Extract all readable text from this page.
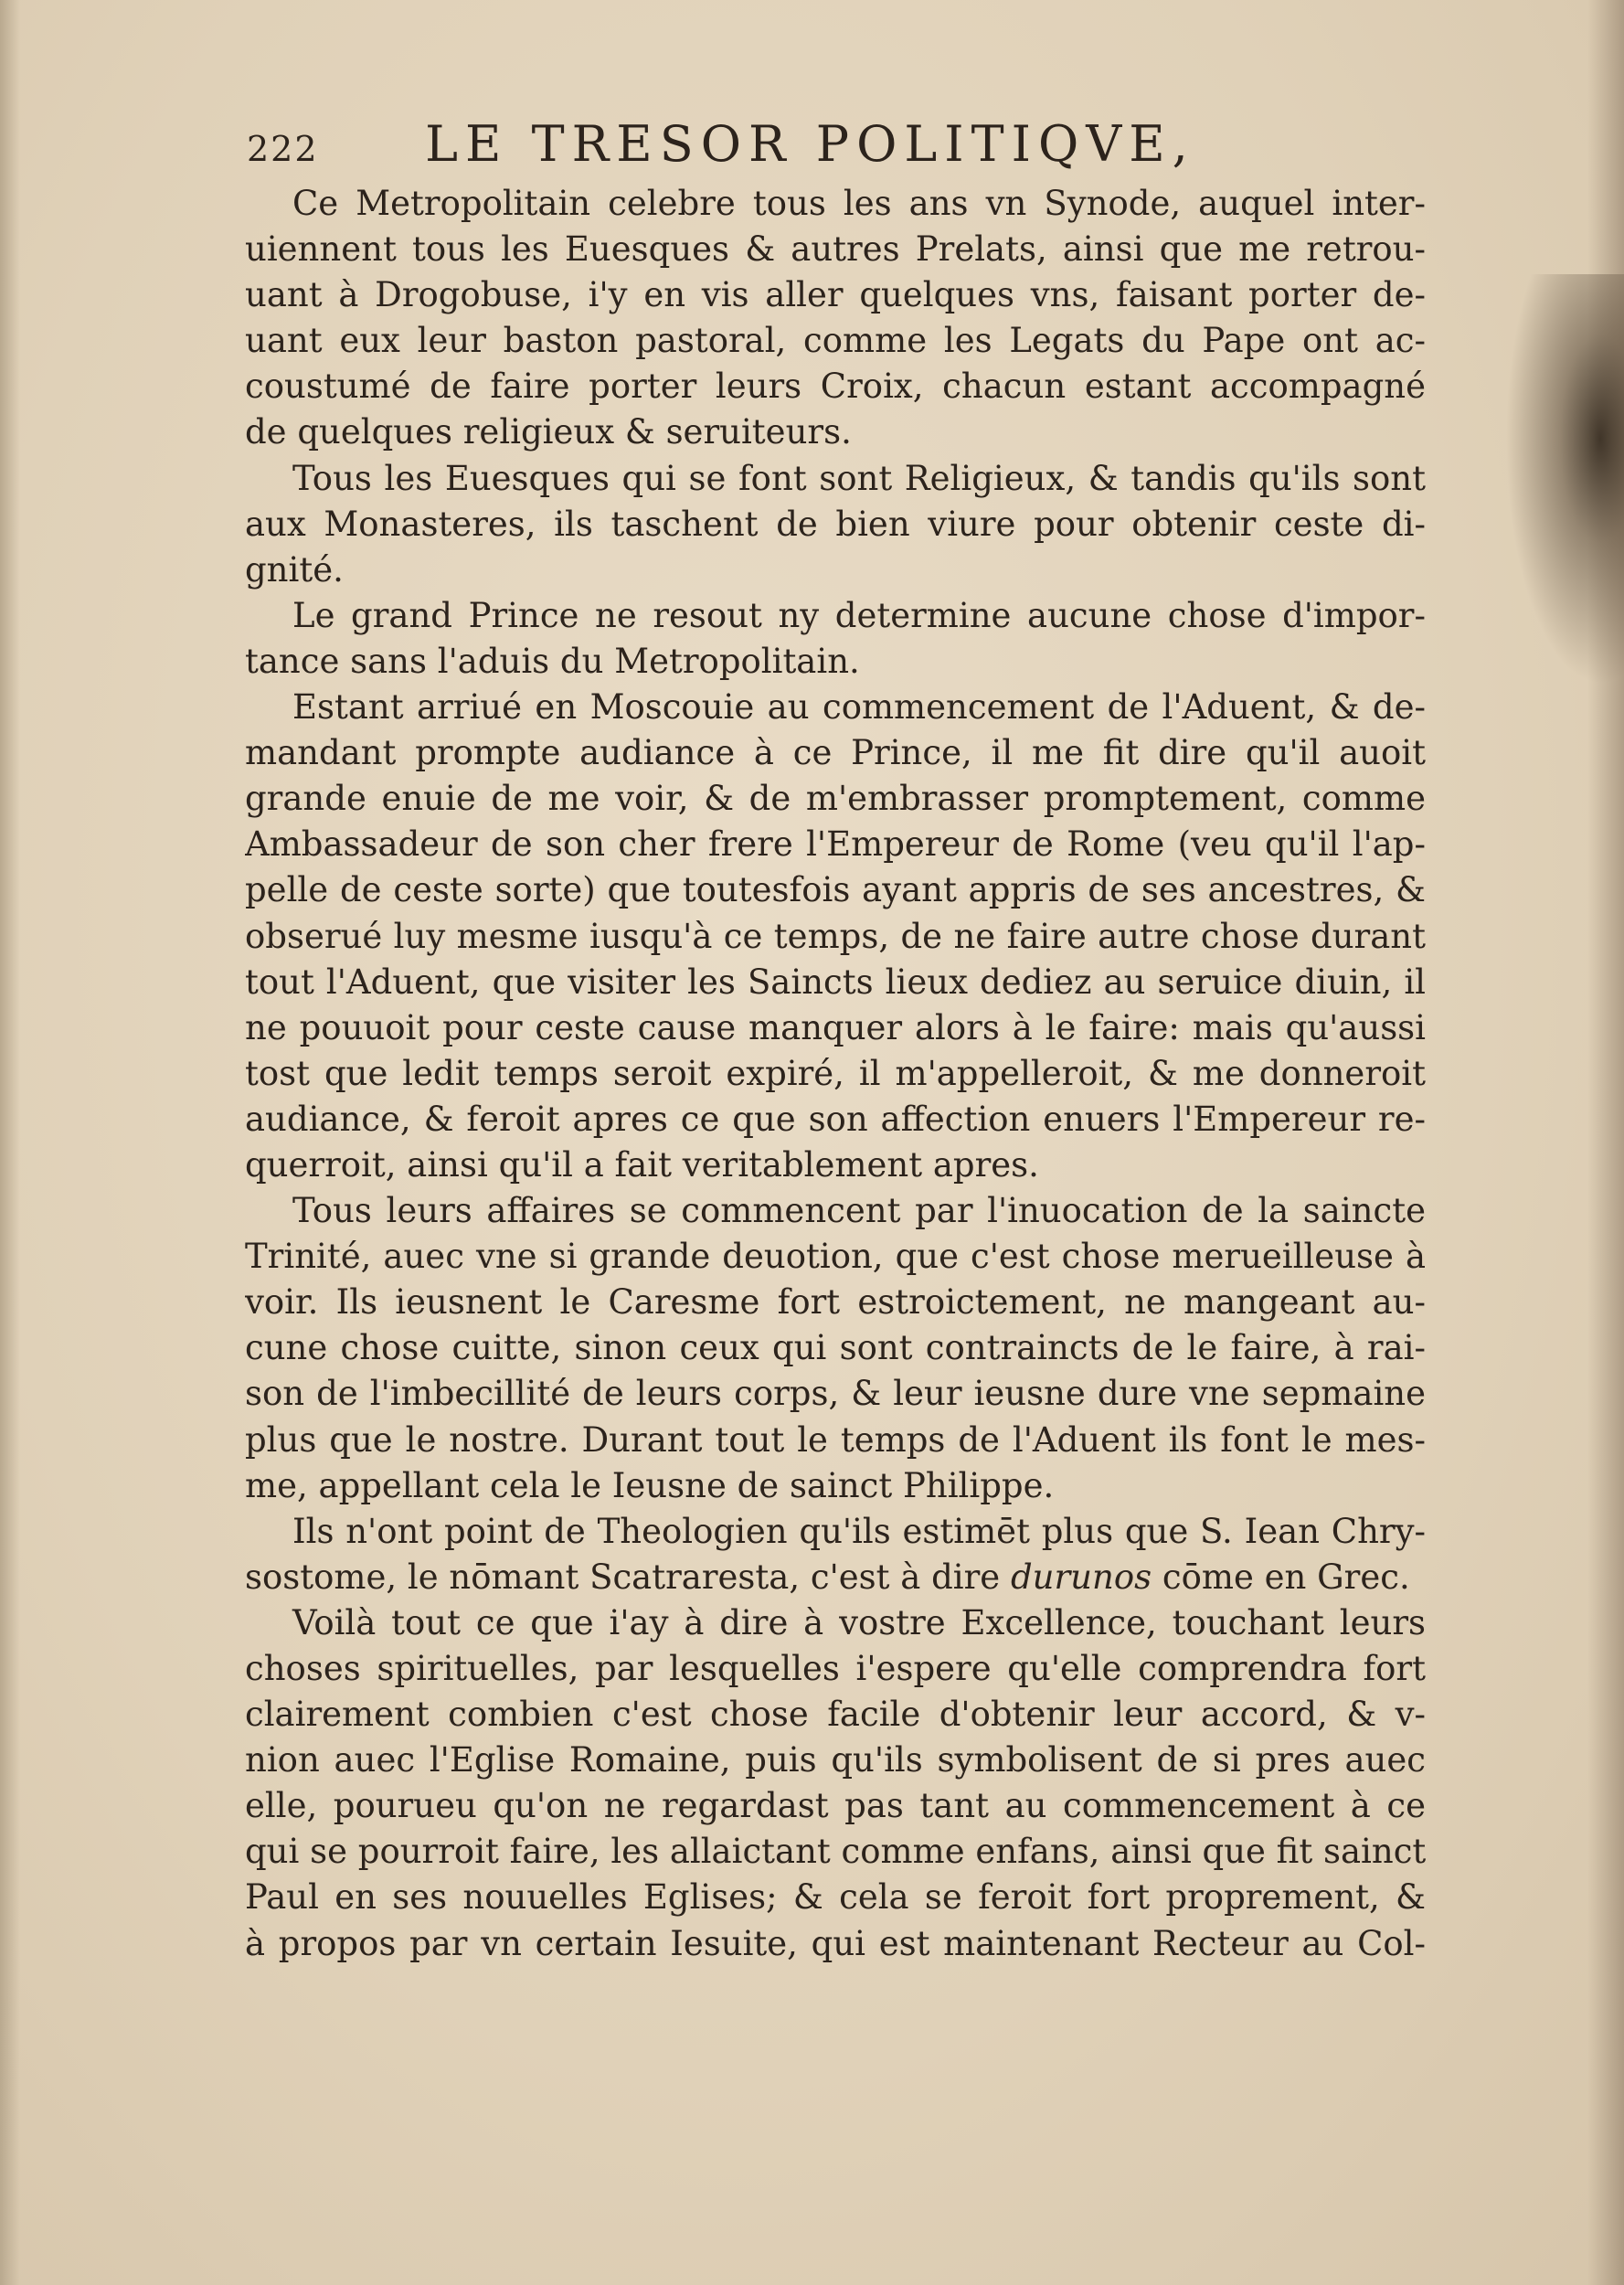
222 LE TRESOR POLITIQVE,
Ce Metropolitain celebre tous les ans vn Synode, auquel inter-
uiennent tous les Euesques & autres Prelats, ainsi que me retrou-
uant à Drogobuse, i'y en vis aller quelques vns, faisant porter de-
uant eux leur baston pastoral, comme les Legats du Pape ont ac-
coustumé de faire porter leurs Croix, chacun estant accompagné
de quelques religieux & seruiteurs.
Tous les Euesques qui se font sont Religieux, & tandis qu'ils sont
aux Monasteres, ils taschent de bien viure pour obtenir ceste di-
gnité.
Le grand Prince ne resout ny determine aucune chose d'impor-
tance sans l'aduis du Metropolitain.
Estant arriué en Moscouie au commencement de l'Aduent, & de-
mandant prompte audiance à ce Prince, il me fit dire qu'il auoit
grande enuie de me voir, & de m'embrasser promptement, comme
Ambassadeur de son cher frere l'Empereur de Rome (veu qu'il l'ap-
pelle de ceste sorte) que toutesfois ayant appris de ses ancestres, &
obserué luy mesme iusqu'à ce temps, de ne faire autre chose durant
tout l'Aduent, que visiter les Saincts lieux dediez au seruice diuin, il
ne pouuoit pour ceste cause manquer alors à le faire: mais qu'aussi
tost que ledit temps seroit expiré, il m'appelleroit, & me donneroit
audiance, & feroit apres ce que son affection enuers l'Empereur re-
querroit, ainsi qu'il a fait veritablement apres.
Tous leurs affaires se commencent par l'inuocation de la saincte
Trinité, auec vne si grande deuotion, que c'est chose merueilleuse à
voir. Ils ieusnent le Caresme fort estroictement, ne mangeant au-
cune chose cuitte, sinon ceux qui sont contraincts de le faire, à rai-
son de l'imbecillité de leurs corps, & leur ieusne dure vne sepmaine
plus que le nostre. Durant tout le temps de l'Aduent ils font le mes-
me, appellant cela le Ieusne de sainct Philippe.
Ils n'ont point de Theologien qu'ils estimēt plus que S. Iean Chry-
sostome, le nōmant Scatraresta, c'est à dire durunos cōme en Grec.
Voilà tout ce que i'ay à dire à vostre Excellence, touchant leurs
choses spirituelles, par lesquelles i'espere qu'elle comprendra fort
clairement combien c'est chose facile d'obtenir leur accord, & v-
nion auec l'Eglise Romaine, puis qu'ils symbolisent de si pres auec
elle, pourueu qu'on ne regardast pas tant au commencement à ce
qui se pourroit faire, les allaictant comme enfans, ainsi que fit sainct
Paul en ses nouuelles Eglises; & cela se feroit fort proprement, &
à propos par vn certain Iesuite, qui est maintenant Recteur au Col-
